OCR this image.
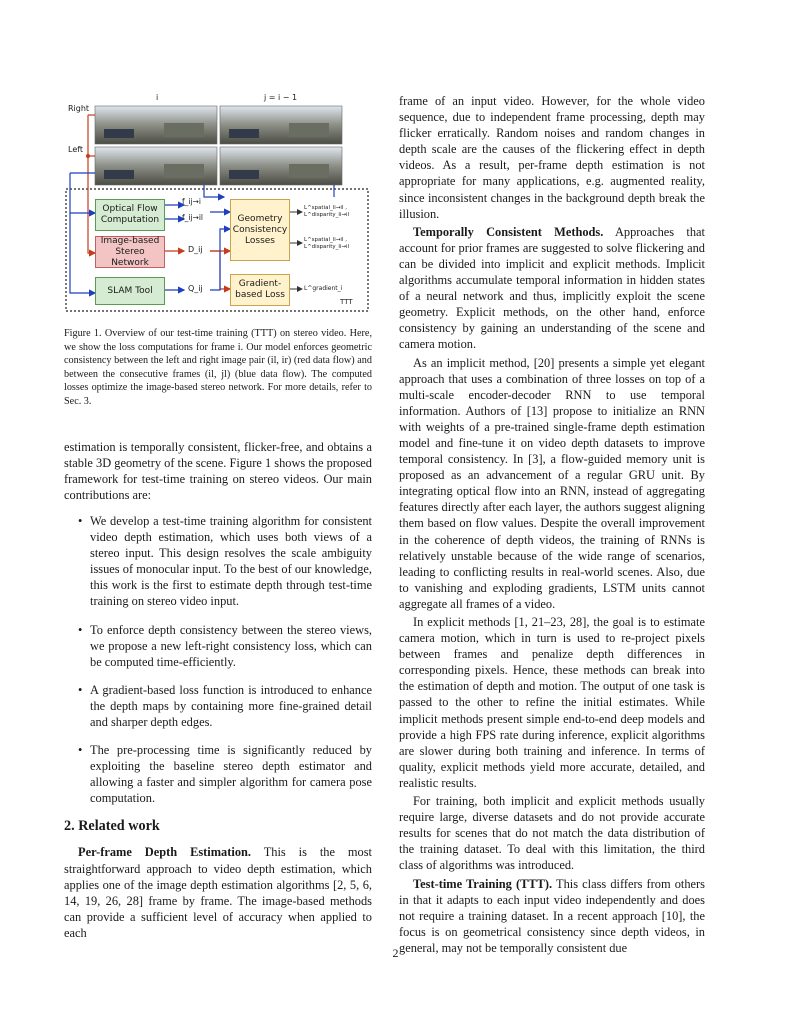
i	j = i − 1
Right
Left
Optical Flow Computation
Image-based Stereo Network
SLAM Tool
Geometry Consistency Losses
Gradient-based Loss
f_ij→i
f_ij→il
D_ij
Q_ij
L^spatial_li→il , L^disparity_li→il
L^spatial_li→il , L^disparity_li→il
L^gradient_i
TTT

Figure 1. Overview of our test-time training (TTT) on stereo video. Here, we show the loss computations for frame i. Our model enforces geometric consistency between the left and right image pair (il, ir) (red data flow) and between the consecutive frames (il, jl) (blue data flow). The computed losses optimize the image-based stereo network. For more details, refer to Sec. 3.

estimation is temporally consistent, flicker-free, and obtains a stable 3D geometry of the scene. Figure 1 shows the proposed framework for test-time training on stereo videos. Our main contributions are:

• We develop a test-time training algorithm for consistent video depth estimation, which uses both views of a stereo input. This design resolves the scale ambiguity issues of monocular input. To the best of our knowledge, this work is the first to estimate depth through test-time training on stereo video input.
• To enforce depth consistency between the stereo views, we propose a new left-right consistency loss, which can be computed time-efficiently.
• A gradient-based loss function is introduced to enhance the depth maps by containing more fine-grained detail and sharper depth edges.
• The pre-processing time is significantly reduced by exploiting the baseline stereo depth estimator and allowing a faster and simpler algorithm for camera pose computation.
2. Related work

Per-frame Depth Estimation. This is the most straightforward approach to video depth estimation, which applies one of the image depth estimation algorithms [2, 5, 6, 14, 19, 26, 28] frame by frame. The image-based methods can provide a sufficient level of accuracy when applied to each

frame of an input video. However, for the whole video sequence, due to independent frame processing, depth may flicker erratically. Random noises and random changes in depth scale are the causes of the flickering effect in depth videos. As a result, per-frame depth estimation is not appropriate for many applications, e.g. augmented reality, since inconsistent changes in the background depth break the illusion.

Temporally Consistent Methods. Approaches that account for prior frames are suggested to solve flickering and can be divided into implicit and explicit methods. Implicit algorithms accumulate temporal information in hidden states of a neural network and thus, implicitly exploit the scene geometry. Explicit methods, on the other hand, enforce consistency by gaining an understanding of the scene and camera motion.

As an implicit method, [20] presents a simple yet elegant approach that uses a combination of three losses on top of a multi-scale encoder-decoder RNN to use temporal information. Authors of [13] propose to initialize an RNN with weights of a pre-trained single-frame depth estimation model and fine-tune it on video depth datasets to improve temporal consistency. In [3], a flow-guided memory unit is proposed as an advancement of a regular GRU unit. By integrating optical flow into an RNN, instead of aggregating features directly after each layer, the authors suggest aligning them based on flow values. Despite the overall improvement in the coherence of depth videos, the training of RNNs is relatively unstable because of the wide range of scenarios, leading to conflicting results in real-world scenes. Also, due to vanishing and exploding gradients, LSTM units cannot aggregate all frames of a video.

In explicit methods [1, 21–23, 28], the goal is to estimate camera motion, which in turn is used to re-project pixels between frames and penalize depth differences in corresponding pixels. Hence, these methods can break into the estimation of depth and motion. The output of one task is passed to the other to refine the initial estimates. While implicit methods present simple end-to-end deep models and provide a high FPS rate during inference, explicit algorithms are slower during both training and inference. In terms of quality, explicit methods yield more accurate, detailed, and realistic results.

For training, both implicit and explicit methods usually require large, diverse datasets and do not provide accurate results for scenes that do not match the data distribution of the training dataset. To deal with this limitation, the third class of algorithms was introduced.

Test-time Training (TTT). This class differs from others in that it adapts to each input video independently and does not require a training dataset. In a recent approach [10], the focus is on geometrical consistency since depth videos, in general, may not be temporally consistent due

2
